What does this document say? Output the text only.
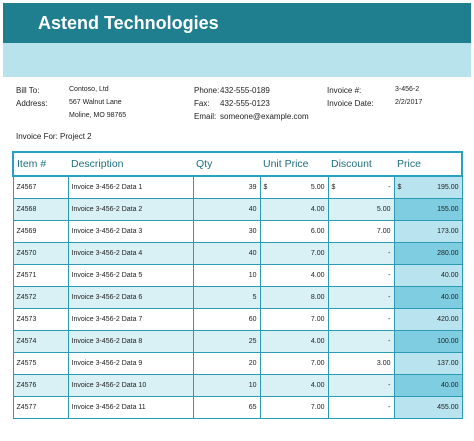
Astend Technologies
Bill To:	Contoso, Ltd
Address:	567 Walnut Lane
Moline, MO 98765
Phone: 432-555-0189
Fax: 432-555-0123
Email: someone@example.com
Invoice #:	3-456-2
Invoice Date:	2/2/2017
Invoice For: Project 2
Item #	Description	Qty	Unit Price	Discount	Price
Z4567	Invoice 3-456-2 Data 1	39	$ 5.00	$ -	$ 195.00

Z4568	Invoice 3-456-2 Data 2	40	4.00	5.00	155.00

Z4569	Invoice 3-456-2 Data 3	30	6.00	7.00	173.00

Z4570	Invoice 3-456-2 Data 4	40	7.00	-	280.00

Z4571	Invoice 3-456-2 Data 5	10	4.00	-	40.00

Z4572	Invoice 3-456-2 Data 6	5	8.00	-	40.00

Z4573	Invoice 3-456-2 Data 7	60	7.00	-	420.00

Z4574	Invoice 3-456-2 Data 8	25	4.00	-	100.00

Z4575	Invoice 3-456-2 Data 9	20	7.00	3.00	137.00

Z4576	Invoice 3-456-2 Data 10	10	4.00	-	40.00

Z4577	Invoice 3-456-2 Data 11	65	7.00	-	455.00
